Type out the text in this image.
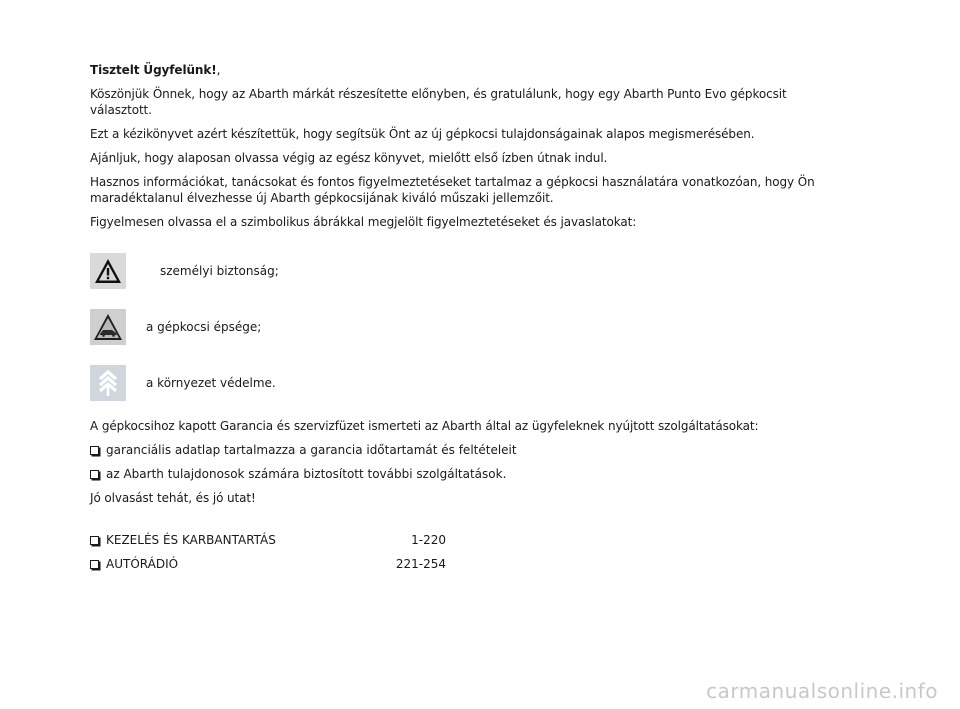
Tisztelt Ügyfelünk!,

Köszönjük Önnek, hogy az Abarth márkát részesítette előnyben, és gratulálunk, hogy egy Abarth Punto Evo gépkocsit választott.

Ezt a kézikönyvet azért készítettük, hogy segítsük Önt az új gépkocsi tulajdonságainak alapos megismerésében.

Ajánljuk, hogy alaposan olvassa végig az egész könyvet, mielőtt első ízben útnak indul.

Hasznos információkat, tanácsokat és fontos figyelmeztetéseket tartalmaz a gépkocsi használatára vonatkozóan, hogy Ön maradéktalanul élvezhesse új Abarth gépkocsijának kiváló műszaki jellemzőit.

Figyelmesen olvassa el a szimbolikus ábrákkal megjelölt figyelmeztetéseket és javaslatokat:

személyi biztonság;
a gépkocsi épsége;
a környezet védelme.

A gépkocsihoz kapott Garancia és szervizfüzet ismerteti az Abarth által az ügyfeleknek nyújtott szolgáltatásokat:

garanciális adatlap tartalmazza a garancia időtartamát és feltételeit
az Abarth tulajdonosok számára biztosított további szolgáltatások.

Jó olvasást tehát, és jó utat!

KEZELÉS ÉS KARBANTARTÁS	1-220
AUTÓRÁDIÓ	221-254
carmanualsonline.info
